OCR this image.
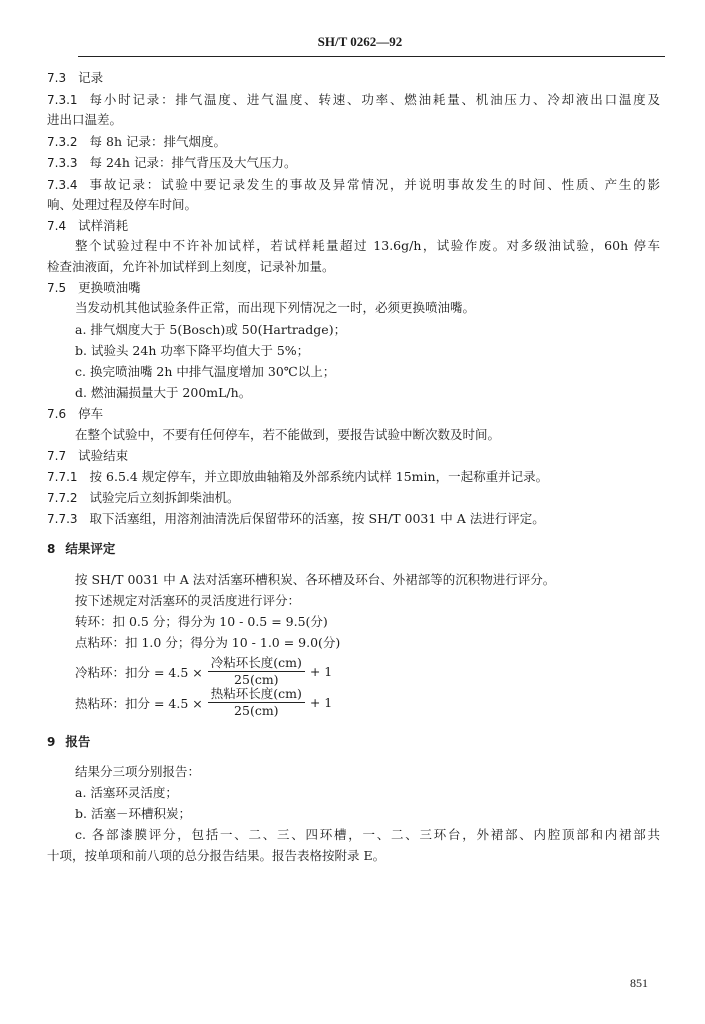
SH/T 0262—92
7.3 记录
7.3.1 每小时记录：排气温度、进气温度、转速、功率、燃油耗量、机油压力、冷却液出口温度及
进出口温差。
7.3.2 每 8h 记录：排气烟度。
7.3.3 每 24h 记录：排气背压及大气压力。
7.3.4 事故记录：试验中要记录发生的事故及异常情况，并说明事故发生的时间、性质、产生的影
响、处理过程及停车时间。
7.4 试样消耗
整个试验过程中不许补加试样，若试样耗量超过 13.6g/h，试验作废。对多级油试验，60h 停车
检查油液面，允许补加试样到上刻度，记录补加量。
7.5 更换喷油嘴
当发动机其他试验条件正常，而出现下列情况之一时，必须更换喷油嘴。
a. 排气烟度大于 5(Bosch)或 50(Hartradge)；
b. 试验头 24h 功率下降平均值大于 5%；
c. 换完喷油嘴 2h 中排气温度增加 30℃以上；
d. 燃油漏损量大于 200mL/h。
7.6 停车
在整个试验中，不要有任何停车，若不能做到，要报告试验中断次数及时间。
7.7 试验结束
7.7.1 按 6.5.4 规定停车，并立即放曲轴箱及外部系统内试样 15min，一起称重并记录。
7.7.2 试验完后立刻拆卸柴油机。
7.7.3 取下活塞组，用溶剂油清洗后保留带环的活塞，按 SH/T 0031 中 A 法进行评定。
8 结果评定
按 SH/T 0031 中 A 法对活塞环槽积炭、各环槽及环台、外裙部等的沉积物进行评分。
按下述规定对活塞环的灵活度进行评分：
转环：扣 0.5 分；得分为 10 - 0.5 = 9.5(分)
点粘环：扣 1.0 分；得分为 10 - 1.0 = 9.0(分)
冷粘环：扣分 = $4.5 \times \frac{\text{冷粘环长度(cm)}}{25(cm)} + 1$
热粘环：扣分 = $4.5 \times \frac{\text{热粘环长度(cm)}}{25(cm)} + 1$
9 报告
结果分三项分别报告：
a. 活塞环灵活度；
b. 活塞－环槽积炭；
c. 各部漆膜评分，包括一、二、三、四环槽，一、二、三环台，外裙部、内腔顶部和内裙部共
十项，按单项和前八项的总分报告结果。报告表格按附录 E。
851
